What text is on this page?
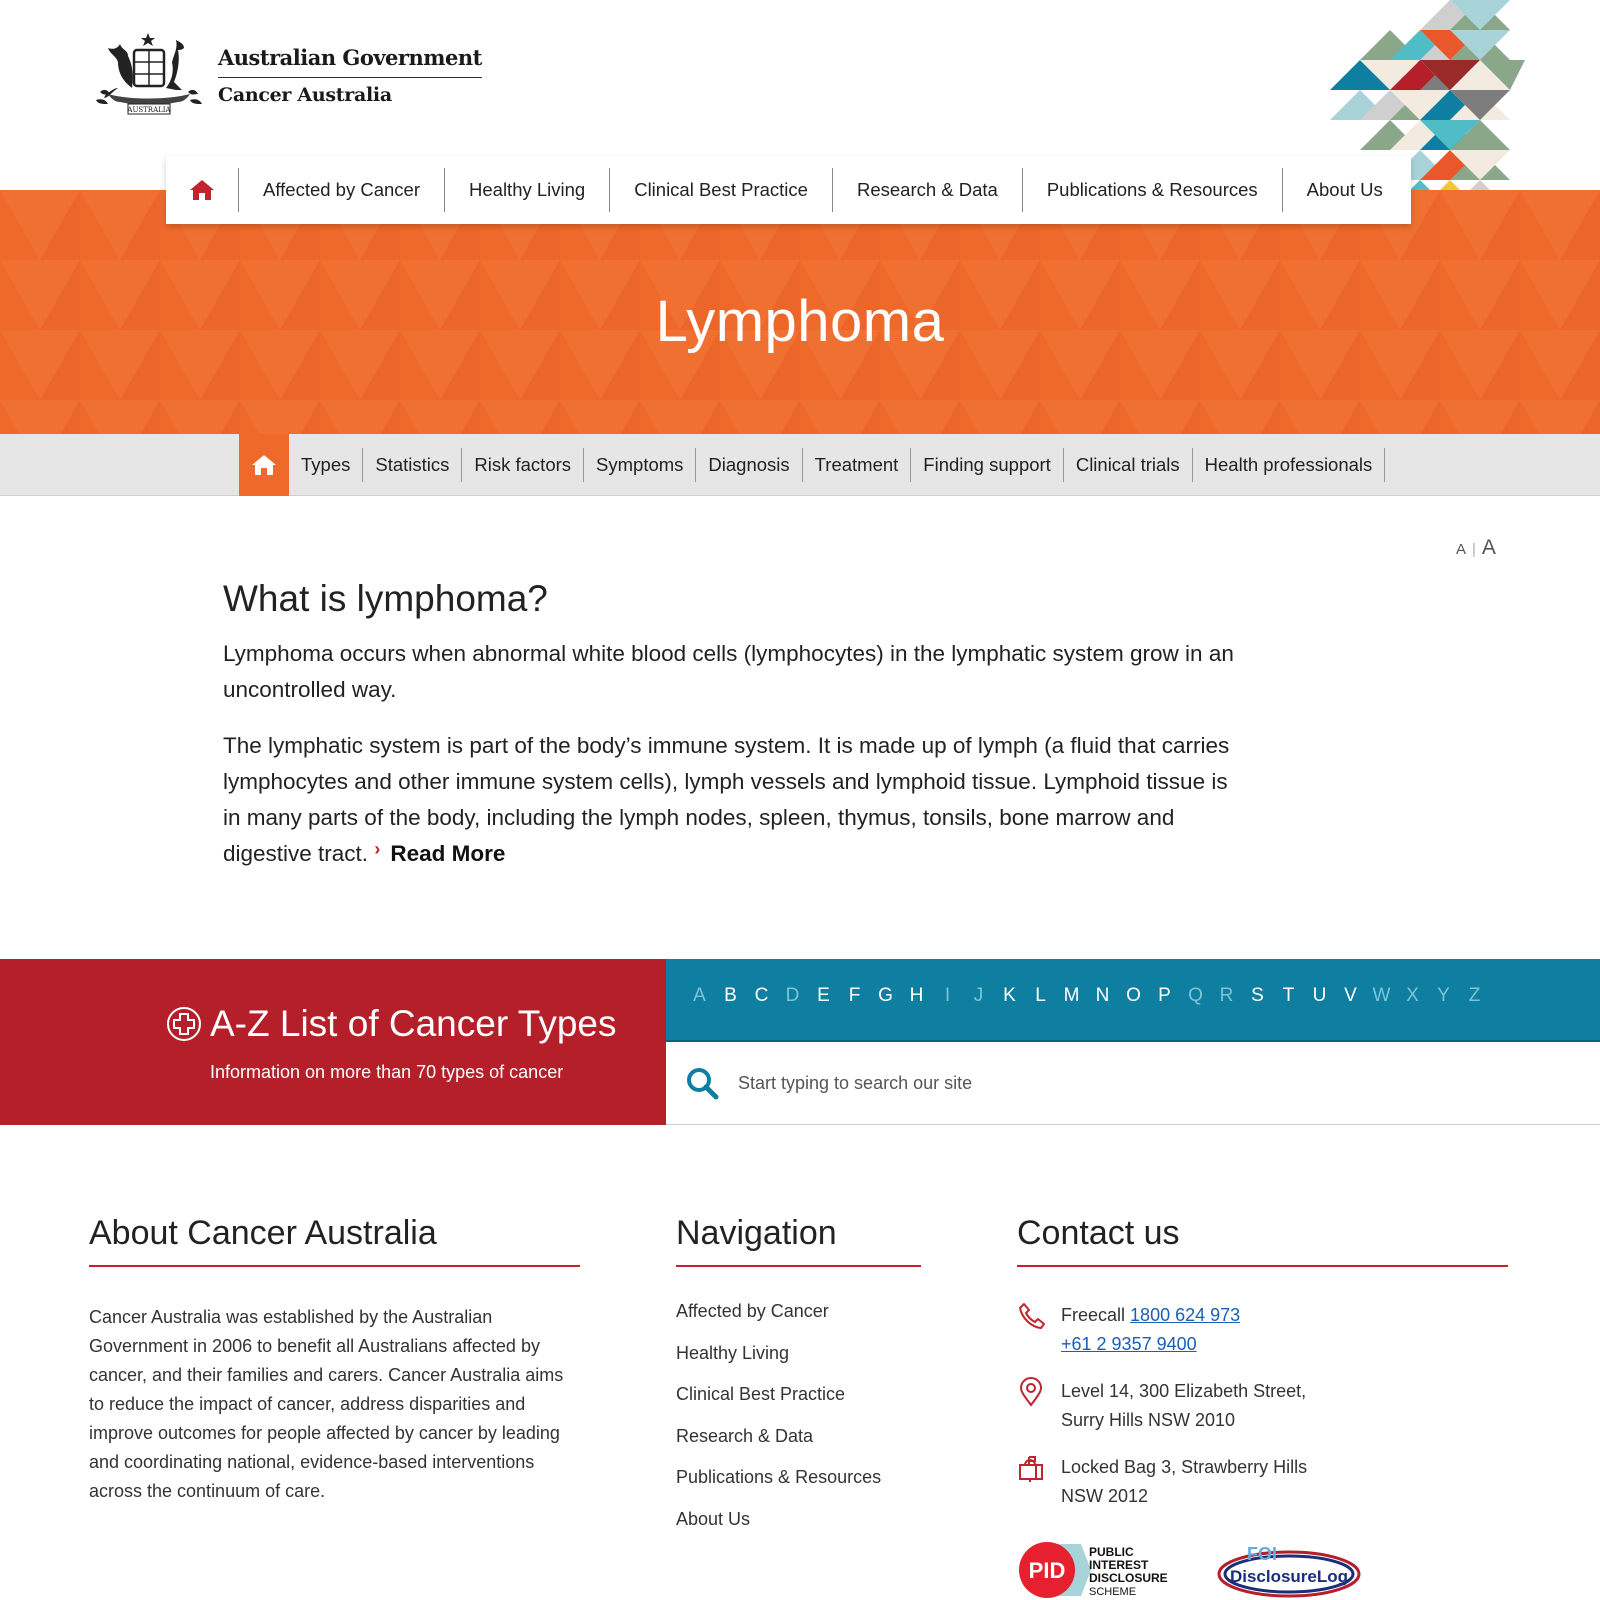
AUSTRALIA
Australian Government
Cancer Australia
Affected by Cancer	Healthy Living	Clinical Best Practice	Research & Data	Publications & Resources	About Us
Lymphoma
Types	Statistics	Risk factors	Symptoms	Diagnosis	Treatment	Finding support	Clinical trials	Health professionals
A | A
What is lymphoma?

Lymphoma occurs when abnormal white blood cells (lymphocytes) in the lymphatic system grow in an uncontrolled way.

The lymphatic system is part of the body’s immune system. It is made up of lymph (a fluid that carries lymphocytes and other immune system cells), lymph vessels and lymphoid tissue. Lymphoid tissue is in many parts of the body, including the lymph nodes, spleen, thymus, tonsils, bone marrow and digestive tract. › Read More

A-Z List of Cancer Types
Information on more than 70 types of cancer
A B C D E F G H	I	J	K	L M N O P Q R S T U V W X Y Z
Start typing to search our site
About Cancer Australia

Cancer Australia was established by the Australian Government in 2006 to benefit all Australians affected by cancer, and their families and carers. Cancer Australia aims to reduce the impact of cancer, address disparities and improve outcomes for people affected by cancer by leading and coordinating national, evidence-based interventions across the continuum of care.

Navigation
Affected by Cancer
Healthy Living
Clinical Best Practice
Research & Data
Publications & Resources
About Us
Contact us
Freecall 1800 624 973
+61 2 9357 9400
Level 14, 300 Elizabeth Street,
Surry Hills NSW 2010
Locked Bag 3, Strawberry Hills
NSW 2012
PID
PUBLIC
INTEREST
DISCLOSURE
SCHEME
FOI
DisclosureLog
